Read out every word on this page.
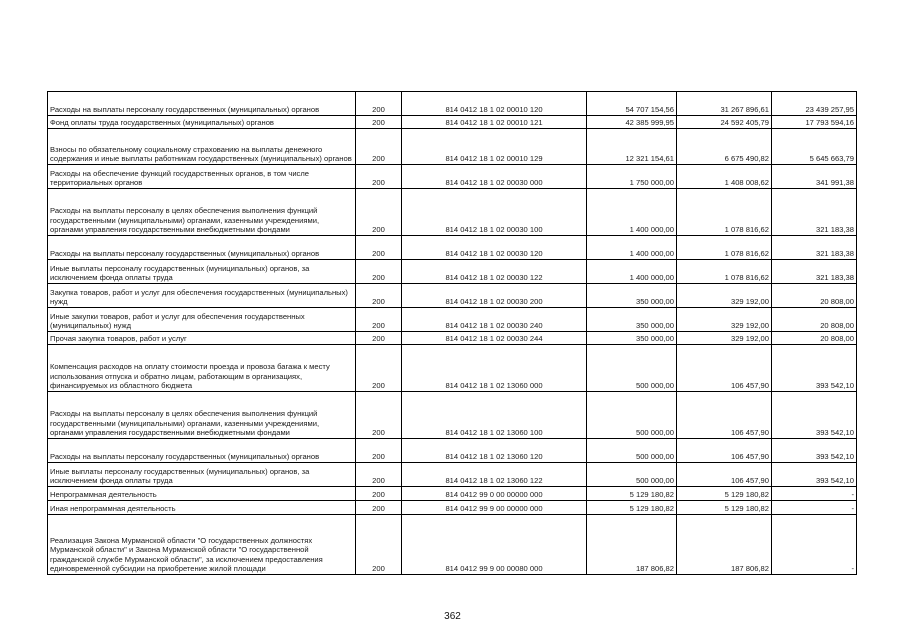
Расходы на выплаты персоналу государственных (муниципальных) органов	200	814 0412 18 1 02 00010 120	54 707 154,56	31 267 896,61	23 439 257,95
Фонд оплаты труда государственных (муниципальных) органов	200	814 0412 18 1 02 00010 121	42 385 999,95	24 592 405,79	17 793 594,16
Взносы по обязательному социальному страхованию на выплаты денежного содержания и иные выплаты работникам государственных (муниципальных) органов	200	814 0412 18 1 02 00010 129	12 321 154,61	6 675 490,82	5 645 663,79
Расходы на обеспечение функций государственных органов, в том числе территориальных органов	200	814 0412 18 1 02 00030 000	1 750 000,00	1 408 008,62	341 991,38
Расходы на выплаты персоналу в целях обеспечения выполнения функций государственными (муниципальными) органами, казенными учреждениями, органами управления государственными внебюджетными фондами	200	814 0412 18 1 02 00030 100	1 400 000,00	1 078 816,62	321 183,38
Расходы на выплаты персоналу государственных (муниципальных) органов	200	814 0412 18 1 02 00030 120	1 400 000,00	1 078 816,62	321 183,38
Иные выплаты персоналу государственных (муниципальных) органов, за исключением фонда оплаты труда	200	814 0412 18 1 02 00030 122	1 400 000,00	1 078 816,62	321 183,38
Закупка товаров, работ и услуг для обеспечения государственных (муниципальных) нужд	200	814 0412 18 1 02 00030 200	350 000,00	329 192,00	20 808,00
Иные закупки товаров, работ и услуг для обеспечения государственных (муниципальных) нужд	200	814 0412 18 1 02 00030 240	350 000,00	329 192,00	20 808,00
Прочая закупка товаров, работ и услуг	200	814 0412 18 1 02 00030 244	350 000,00	329 192,00	20 808,00
Компенсация расходов на оплату стоимости проезда и провоза багажа к месту использования отпуска и обратно лицам, работающим в организациях, финансируемых из областного бюджета	200	814 0412 18 1 02 13060 000	500 000,00	106 457,90	393 542,10
Расходы на выплаты персоналу в целях обеспечения выполнения функций государственными (муниципальными) органами, казенными учреждениями, органами управления государственными внебюджетными фондами	200	814 0412 18 1 02 13060 100	500 000,00	106 457,90	393 542,10
Расходы на выплаты персоналу государственных (муниципальных) органов	200	814 0412 18 1 02 13060 120	500 000,00	106 457,90	393 542,10
Иные выплаты персоналу государственных (муниципальных) органов, за исключением фонда оплаты труда	200	814 0412 18 1 02 13060 122	500 000,00	106 457,90	393 542,10
Непрограммная деятельность	200	814 0412 99 0 00 00000 000	5 129 180,82	5 129 180,82	-
Иная непрограммная деятельность	200	814 0412 99 9 00 00000 000	5 129 180,82	5 129 180,82	-
Реализация Закона Мурманской области "О государственных должностях Мурманской области" и Закона Мурманской области "О государственной гражданской службе Мурманской области", за исключением предоставления единовременной субсидии на приобретение жилой площади	200	814 0412 99 9 00 00080 000	187 806,82	187 806,82	-
362
